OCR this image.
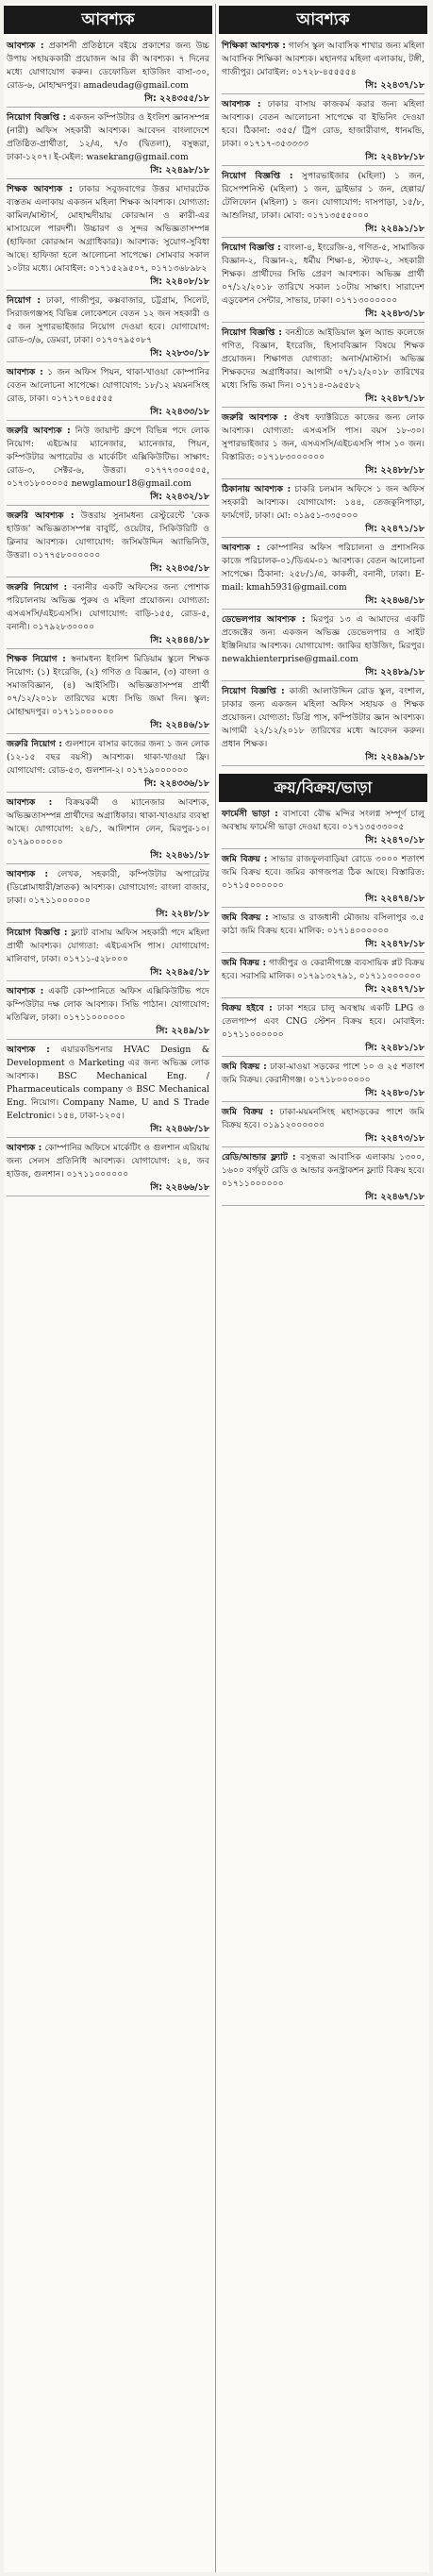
আবশ্যক
আবশ্যক : প্রকাশনী প্রতিষ্ঠানে বইয়ে প্রকাশের জন্য উচ্চ উপায় সহায়ককারী প্রয়োজন আর কী আবশ্যক। ৭ দিনের মধ্যে যোগাযোগ করুন। ডেফোডিল হাউজিং বাসা-৩০, রোড-৬, মোহাম্মদপুর। amadeudag@gmail.com
সি: ২২৪৩৫৫/১৮
নিয়োগ বিজ্ঞপ্তি : একজন কম্পিউটার ও ইংলিশ জ্ঞানসম্পন্ন (নারী) অফিস সহকারী আবশ্যক। আবেদন বাংলাদেশে প্রতিষ্ঠিত-প্রার্থীতা, ১২/এ, ৭/৩ (দ্বিতলা), বসুন্ধরা, ঢাকা-১২০৭। ই-মেইল: wasekrang@gmail.com
সি: ২২৪৯৮/১৮
শিক্ষক আবশ্যক : ঢাকার সবুজবাগের উত্তর মাদারটেক ব্যস্ততম এলাকায় একজন মহিলা শিক্ষক আবশ্যক। যোগ্যতা: কামিল/মাস্টার্স, মোহাম্মদীয়ায় কোরআন ও ক্বারী-এর মাসায়েলে পারদর্শী। উচ্চারণ ও সুন্দর অভিজ্ঞতাসম্পন্ন (হাফিজা কোরআন অগ্রাধিকার)। আবশ্যক: সুযোগ-সুবিধা আছে। হাফিজা হলে আলোচনা সাপেক্ষে। সোমবার সকাল ১০টার মধ্যে। মোবাইল: ০১৭১৫২৯৫০৭, ০১৭১৩৬৮৯৮২
সি: ২২৪০৮/১৮
নিয়োগ : ঢাকা, গাজীপুর, কক্সবাজার, চট্টগ্রাম, সিলেট, সিরাজগঞ্জসহ বিভিন্ন লোকেশনে বেতন ১২ জন সহকারী ও ৫ জন সুপারভাইজার নিয়োগ দেওয়া হবে। যোগাযোগ: রোড-৩/৬, ডেমরা, ঢাকা। ০১৭০৭৯৫০৮৭
সি: ২২৮৩০/১৮
আবশ্যক : ১ জন অফিস পিয়ন, থাকা-খাওয়া কোম্পানির বেতন আলোচনা সাপেক্ষে। যোগাযোগ: ১৮/১২ ময়মনসিংহ রোড, ঢাকা। ০১৭১৭০৪৫৫৫৫
সি: ২২৪৩৩/১৮
জরুরি আবশ্যক : নিউ জায়ান্ট গ্রুপে বিভিন্ন পদে লোক নিয়োগ: এইচআর ম্যানেজার, ম্যানেজার, পিয়ন, কম্পিউটার অপারেটর ও মার্কেটিং এক্সিকিউটিভ। সাক্ষাৎ: রোড-৩, সেক্টর-৬, উত্তরা। ০১৭৭৭৩০০৫০৫, ০১৭৩১৮০০০০৫ newglamour18@gmail.com
সি: ২২৪৩২/১৮
জরুরি আবশ্যক : উত্তরায় সুনামধন্য রেস্টুরেন্টে 'কেক হাউজ' অভিজ্ঞতাসম্পন্ন বাবুর্চি, ওয়েটার, সিকিউরিটি ও ক্লিনার আবশ্যক। যোগাযোগ: জসিমউদ্দিন অ্যাভিনিউ, উত্তরা। ০১৭৭৫৮০০০০০০
সি: ২২৪৩৫/১৮
জরুরি নিয়োগ : বনানীর একটি অফিসের জন্য পোশাক পরিচালনায় অভিজ্ঞ পুরুষ ও মহিলা প্রয়োজন। যোগ্যতা: এসএসসি/এইচএসসি। যোগাযোগ: বাড়ি-১৫৫, রোড-৫, বনানী। ০১৭৯২৮৩০০০০
সি: ২২৪৪৪/১৮
শিক্ষক নিয়োগ : স্বনামধন্য ইংলিশ মিডিয়াম স্কুলে শিক্ষক নিয়োগ: (১) ইংরেজি, (২) গণিত ও বিজ্ঞান, (৩) বাংলা ও সমাজবিজ্ঞান, (৪) আইসিটি। অভিজ্ঞতাসম্পন্ন প্রার্থী ০৭/১২/২০১৮ তারিখের মধ্যে সিভি জমা দিন। স্কুল: মোহাম্মদপুর। ০১৭১১০০০০০০
সি: ২২৪৪৬/১৮
জরুরি নিয়োগ : গুলশানে বাসার কাজের জন্য ১ জন লোক (১২-১৫ বছর বয়সী) আবশ্যক। থাকা-খাওয়া ফ্রি। যোগাযোগ: রোড-৫৩, গুলশান-২। ০১৭১৯০০০০০০
সি: ২২৪৩৩৬/১৮
আবশ্যক : বিক্রয়কর্মী ও ম্যানেজার আবশ্যক, অভিজ্ঞতাসম্পন্ন প্রার্থীদের অগ্রাধিকার। থাকা-খাওয়ার ব্যবস্থা আছে। যোগাযোগ: ২৪/১, আলিশান লেন, মিরপুর-১০। ০১৭৯০০০০০০
সি: ২২৪৬১/১৮
আবশ্যক : লেখক, সহকারী, কম্পিউটার অপারেটর (ডিপ্লোমাধারী/স্নাতক) আবশ্যক। যোগাযোগ: বাংলা বাজার, ঢাকা। ০১৭১১০০০০০০
সি: ২২৪৮/১৮
নিয়োগ বিজ্ঞপ্তি : ফ্ল্যাট বাসায় অফিস সহকারী পদে মহিলা প্রার্থী আবশ্যক। যোগ্যতা: এইচএসসি পাস। যোগাযোগ: মালিবাগ, ঢাকা। ০১৭১১-৫২৮০০০
সি: ২২৪৯৫/১৮
আবশ্যক : একটি কোম্পানিতে অফিস এক্সিকিউটিভ পদে কম্পিউটার দক্ষ লোক আবশ্যক। সিভি পাঠান। যোগাযোগ: মতিঝিল, ঢাকা। ০১৭১১০০০০০০
সি: ২২৪৯/১৮
আবশ্যক : এয়ারকন্ডিশনার HVAC Design & Development ও Marketing এর জন্য অভিজ্ঞ লোক আবশ্যক। BSC Mechanical Eng. / Pharmaceuticals company ও BSC Mechanical Eng. নিয়োগ। Company Name, U and S Trade Eelctronic। ১৫৪, ঢাকা-১২০৫।
সি: ২২৪৬৮/১৮
আবশ্যক : কোম্পানির অফিসে মার্কেটিং ও গুলশান এরিয়ায় জন্য সেলস প্রতিনিধি আবশ্যক। যোগাযোগ: ২৪, জব হাউজ, গুলশান। ০১৭১১০০০০০০
সি: ২২৪৬৬/১৮
আবশ্যক
শিক্ষিকা আবশ্যক : গার্লস স্কুল আবাসিক শাখার জন্য মহিলা আবাসিক শিক্ষিকা আবশ্যক। মহানগর মহিলা এলাকায়, টঙ্গী, গাজীপুর। মোবাইল: ০১৭২৮-৪৫৫৫৫৪
সি: ২২৪৩৭/১৮
আবশ্যক : ঢাকার বাসায় কাজকর্ম করার জন্য মহিলা আবশ্যক। বেতন আলোচনা সাপেক্ষে বা ইভিনিং দেওয়া হবে। ঠিকানা: ৩৫৫/ ট্রিপ রোড, হাজারীবাগ, ধানমন্ডি, ঢাকা। ০১৭১৭-৩৫৩৩৩৩
সি: ২২৪৮৮/১৮
নিয়োগ বিজ্ঞপ্তি : সুপারভাইজার (মহিলা) ১ জন, রিসেপশনিস্ট (মহিলা) ১ জন, ড্রাইভার ১ জন, হেল্পার/টেলিফোন (মহিলা) ১ জন। যোগাযোগ: দাসপাড়া, ১৫/৮, আশুলিয়া, ঢাকা। মোবা: ০১৭১৩৫৫৫০০০
সি: ২২৪৯১/১৮
নিয়োগ বিজ্ঞপ্তি : বাংলা-৪, ইংরেজি-৪, গণিত-৫, সামাজিক বিজ্ঞান-২, বিজ্ঞান-২, ধর্মীয় শিক্ষা-৪, স্ট্যাফ-২, সহকারী শিক্ষক। প্রার্থীদের সিভি প্রেরণ আবশ্যক। অভিজ্ঞ প্রার্থী ০৭/১২/২০১৮ তারিখে সকাল ১০টায় সাক্ষাৎ। সারাদেশ এডুকেশন সেন্টার, সাভার, ঢাকা। ০১৭১৩০০০০০০
সি: ২২৪৮৩/১৮
নিয়োগ বিজ্ঞপ্তি : বনশ্রীতে আইডিয়াল স্কুল অ্যান্ড কলেজে গণিত, বিজ্ঞান, ইংরেজি, হিসাববিজ্ঞান বিষয়ে শিক্ষক প্রয়োজন। শিক্ষাগত যোগ্যতা: অনার্স/মাস্টার্স। অভিজ্ঞ শিক্ষকদের অগ্রাধিকার। আগামী ০৭/১২/২০১৮ তারিখের মধ্যে সিভি জমা দিন। ০১৭১৪-০৯৫৫৮২
সি: ২২৪৮৭/১৮
জরুরি আবশ্যক : ঔষধ ফ্যাক্টরিতে কাজের জন্য লোক আবশ্যক। যোগ্যতা: এসএসসি পাস। বয়স ১৮-৩০। সুপারভাইজার ১ জন, এসএসসি/এইচএসসি পাস ১০ জন। বিস্তারিত: ০১৭১৮৩০০০০০০
সি: ২২৪৮৮/১৮
ঠিকানায় আবশ্যক : চাকরি চলমান অফিসে ১ জন অফিস সহকারী আবশ্যক। যোগাযোগ: ১৪৪, তেজকুনিপাড়া, ফার্মগেট, ঢাকা। মো: ০১৯৫১-৩৩৫০০০
সি: ২২৪৭১/১৮
আবশ্যক : কোম্পানির অফিস পরিচালনা ও প্রশাসনিক কাজে পরিচালক-০১/ডিএম-০১ আবশ্যক। বেতন আলোচনা সাপেক্ষে। ঠিকানা: ২৫৮/১/এ, কাকলী, বনানী, ঢাকা। E-mail: kmah5931@gmail.com
সি: ২২৪৬৪/১৮
ডেভেলপার আবশ্যক : মিরপুর ১৩ এ আমাদের একটি প্রজেক্টের জন্য একজন অভিজ্ঞ ডেভেলপার ও সাইট ইঞ্জিনিয়ার আবশ্যক। যোগাযোগ: জাকির হাউজিং, মিরপুর। newakhienterprise@gmail.com
সি: ২২৪৮৯/১৮
নিয়োগ বিজ্ঞপ্তি : কাজী আলাউদ্দিন রোড স্কুল, বংশাল, ঢাকার জন্য একজন মহিলা অফিস সহায়ক ও শিক্ষক প্রয়োজন। যোগ্যতা: ডিগ্রি পাস, কম্পিউটার জ্ঞান আবশ্যক। আগামী ২২/১২/২০১৮ তারিখের মধ্যে আবেদন করুন। প্রধান শিক্ষক।
সি: ২২৪৯৯/১৮
ক্রয়/বিক্রয়/ভাড়া
ফার্মেসী ভাড়া : বাসাবো বৌদ্ধ মন্দির সংলগ্ন সম্পূর্ণ চালু অবস্থায় ফার্মেসী ভাড়া দেওয়া হবে। ০১৭১৩৫৩৩০০৫
সি: ২২৪৭০/১৮
জমি বিক্রয় : সাভার রাজফুলবাড়িয়া রোডে ৩০০০ শতাংশ জমি বিক্রয় হবে। জমির কাগজপত্র ঠিক আছে। বিস্তারিত: ০১৭১৫০০০০০০
সি: ২২৪৭৪/১৮
জমি বিক্রয় : সাভার ও রাজধানী মৌজায় বসিলাপুর ৩.৫ কাঠা জমি বিক্রয় হবে। মালিক: ০১৭১৪০০০০০০
সি: ২২৪৭৮/১৮
জমি বিক্রয় : গাজীপুর ও কেরানীগঞ্জে ব্যবসায়িক প্লট বিক্রয় হবে। সরাসরি মালিক। ০১৭৯১৩২৭৯১, ০১৭১১০০০০০০
সি: ২২৪৭৭/১৮
বিক্রয় হইবে : ঢাকা শহরে চালু অবস্থায় একটি LPG ও তেলপাম্প এবং CNG স্টেশন বিক্রয় হবে। মোবাইল: ০১৭১১০০০০০০
সি: ২২৪৮১/১৮
জমি বিক্রয় : ঢাকা-মাওয়া সড়কের পাশে ১০ ও ২৫ শতাংশ জমি বিক্রয়। কেরানীগঞ্জ। ০১৭১৮০০০০০০
সি: ২২৪৮০/১৮
জমি বিক্রয় : ঢাকা-ময়মনসিংহ মহাসড়কের পাশে জমি বিক্রয় হবে। ০১৯১২০০০০০০
সি: ২২৪৭৩/১৮
রেডি/আন্ডার ফ্ল্যাট : বসুন্ধরা আবাসিক এলাকায় ১৩০০, ১৬০০ বর্গফুট রেডি ও আন্ডার কনস্ট্রাকশন ফ্ল্যাট বিক্রয় হবে। ০১৭১১০০০০০০
সি: ২২৪৬৭/১৮
